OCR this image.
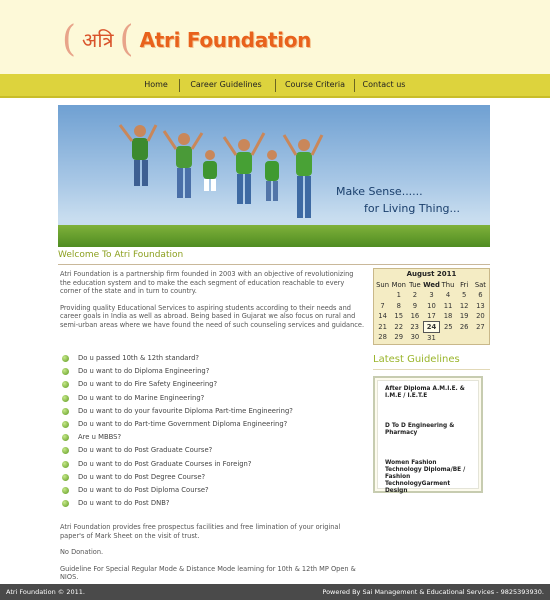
( अत्रि ( Atri Foundation
Home	Career Guidelines	Course Criteria	Contact us
Make Sense......
for Living Thing...
Welcome To Atri Foundation

Atri Foundation is a partnership firm founded in 2003 with an objective of revolutionizing the education system and to make the each segment of education reachable to every corner of the state and in turn to country.

Providing quality Educational Services to aspiring students according to their needs and career goals in India as well as abroad. Being based in Gujarat we also focus on rural and semi-urban areas where we have found the need of such counseling services and guidance.

Do u passed 10th & 12th standard?
Do u want to do Diploma Engineering?
Do u want to do Fire Safety Engineering?
Do u want to do Marine Engineering?
Do u want to do your favourite Diploma Part-time Engineering?
Do u want to do Part-time Government Diploma Engineering?
Are u MBBS?
Do u want to do Post Graduate Course?
Do u want to do Post Graduate Courses in Foreign?
Do u want to do Post Degree Course?
Do u want to do Post Diploma Course?
Do u want to do Post DNB?

Atri Foundation provides free prospectus facilities and free limination of your original paper's of Mark Sheet on the visit of trust.

No Donation.

Guideline For Special Regular Mode & Distance Mode learning for 10th & 12th MP Open & NIOS.

August 2011
Sun	Mon	Tue	Wed	Thu	Fri	Sat
	1	2	3	4	5	6
7	8	9	10	11	12	13
14	15	16	17	18	19	20
21	22	23	24	25	26	27
28	29	30	31			
Latest Guidelines
After Diploma A.M.I.E. & I.M.E / I.E.T.E
D To D Engineering & Pharmacy
Women Fashion Technology Diploma/BE / Fashion TechnologyGarment Design
Atri Foundation © 2011.	Powered By Sai Management & Educational Services - 9825393930.
